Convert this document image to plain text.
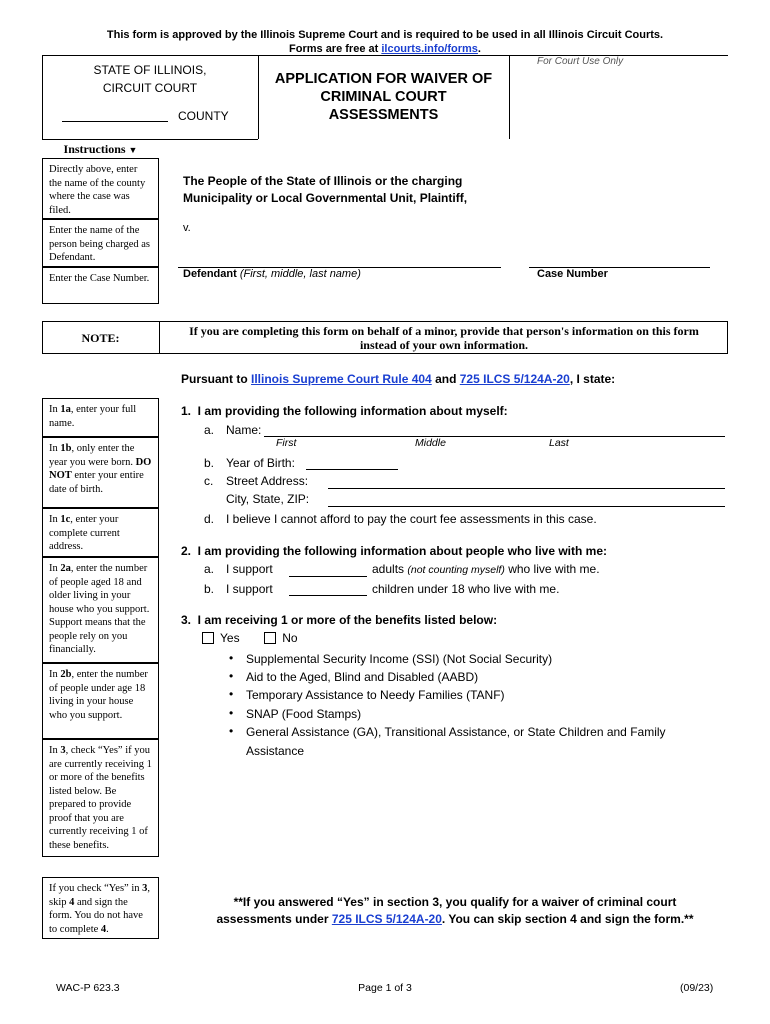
This form is approved by the Illinois Supreme Court and is required to be used in all Illinois Circuit Courts.
Forms are free at ilcourts.info/forms.
STATE OF ILLINOIS,
CIRCUIT COURT
COUNTY
APPLICATION FOR WAIVER OF
CRIMINAL COURT
ASSESSMENTS
For Court Use Only
Instructions ▼
Directly above, enter the name of the county where the case was filed.
Enter the name of the person being charged as Defendant.
Enter the Case Number.
The People of the State of Illinois or the charging
Municipality or Local Governmental Unit, Plaintiff,
v.
Defendant (First, middle, last name)	Case Number
NOTE:	If you are completing this form on behalf of a minor, provide that person's information on this form
instead of your own information.
Pursuant to Illinois Supreme Court Rule 404 and 725 ILCS 5/124A-20, I state:
In 1a, enter your full name.
In 1b, only enter the year you were born. DO NOT enter your entire date of birth.
In 1c, enter your complete current address.
In 2a, enter the number of people aged 18 and older living in your house who you support. Support means that the people rely on you financially.
In 2b, enter the number of people under age 18 living in your house who you support.
In 3, check “Yes” if you are currently receiving 1 or more of the benefits listed below. Be prepared to provide proof that you are currently receiving 1 of these benefits.
If you check “Yes” in 3, skip 4 and sign the form. You do not have to complete 4.
1.  I am providing the following information about myself:
a. Name:
First	Middle	Last
b. Year of Birth:
c. Street Address:
City, State, ZIP:
d. I believe I cannot afford to pay the court fee assessments in this case.
2.  I am providing the following information about people who live with me:
a. I support	adults (not counting myself) who live with me.
b. I support	children under 18 who live with me.
3.  I am receiving 1 or more of the benefits listed below:
Yes	No
• Supplemental Security Income (SSI) (Not Social Security)
• Aid to the Aged, Blind and Disabled (AABD)
• Temporary Assistance to Needy Families (TANF)
• SNAP (Food Stamps)
• General Assistance (GA), Transitional Assistance, or State Children and Family
Assistance
**If you answered “Yes” in section 3, you qualify for a waiver of criminal court
assessments under 725 ILCS 5/124A-20. You can skip section 4 and sign the form.**
WAC-P 623.3	Page 1 of 3	(09/23)
